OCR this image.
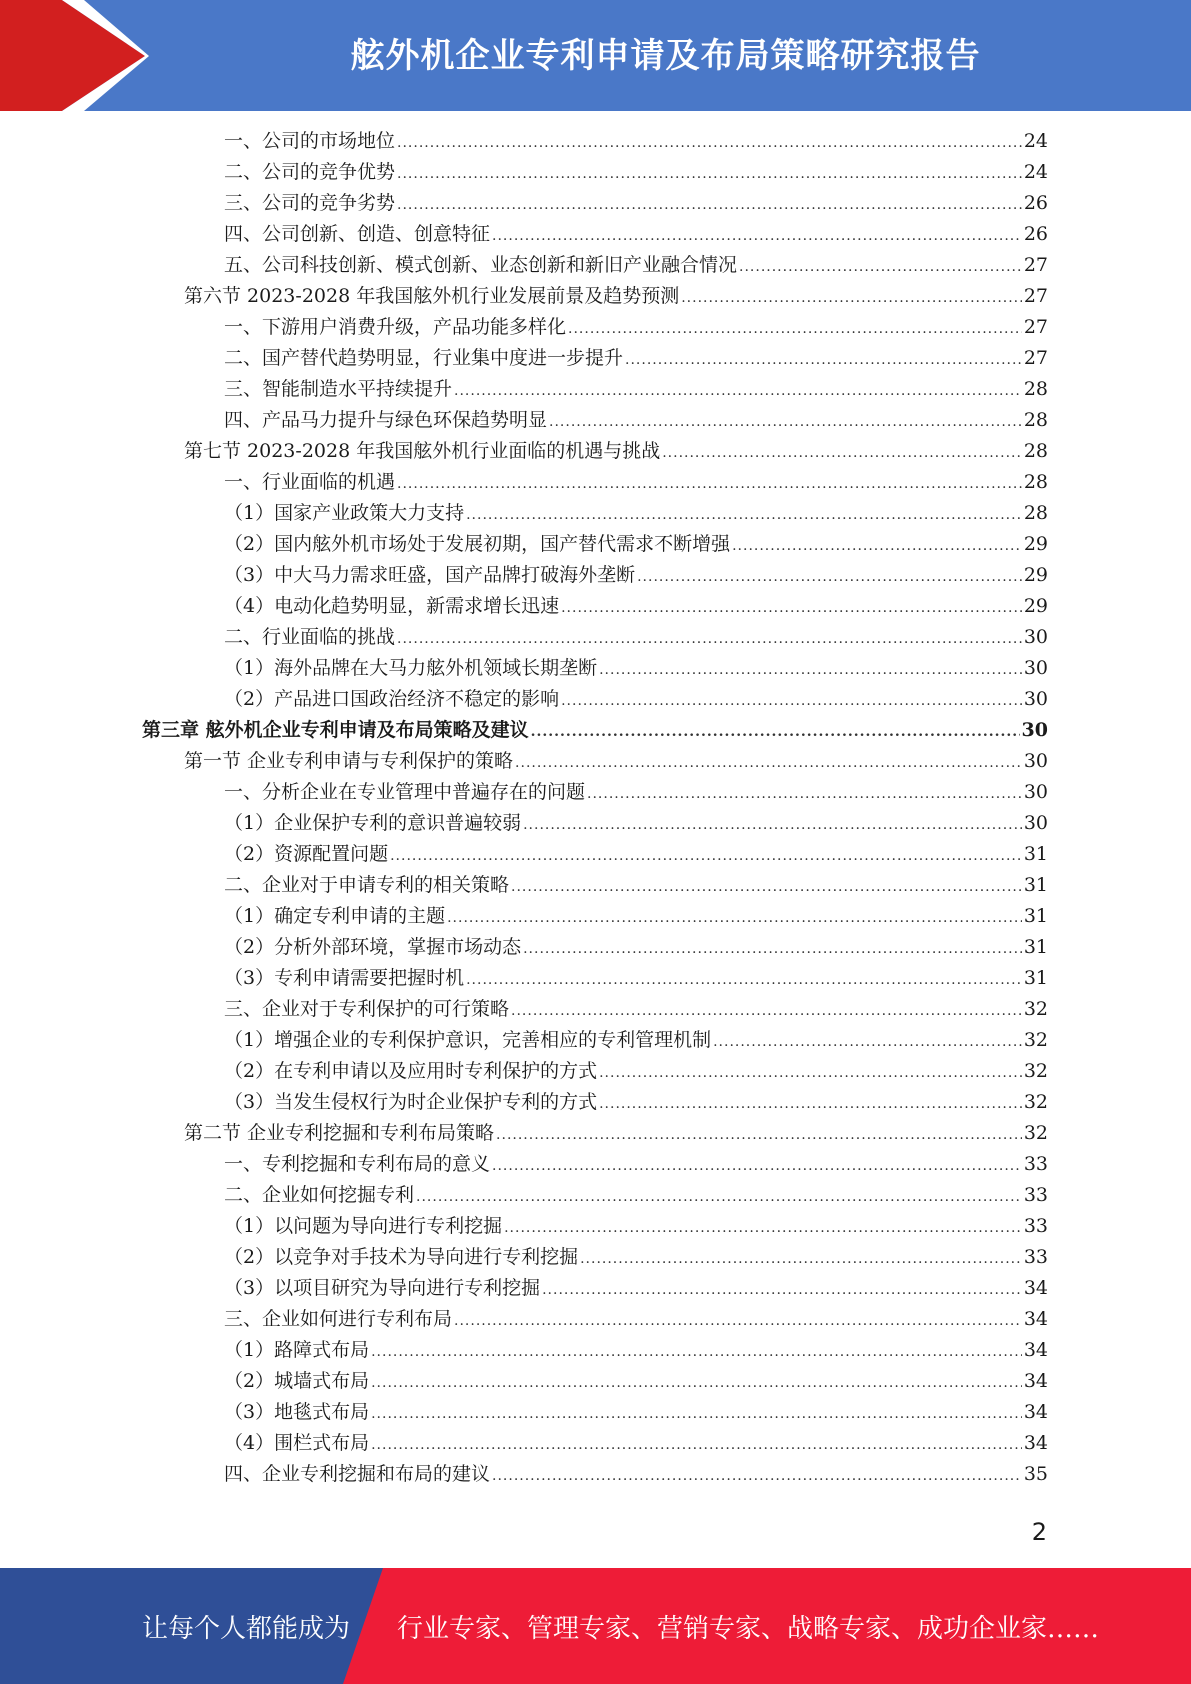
舷外机企业专利申请及布局策略研究报告
一、公司的市场地位 .....	24
二、公司的竞争优势 .....	24
三、公司的竞争劣势 .....	26
四、公司创新、创造、创意特征 .....	26
五、公司科技创新、模式创新、业态创新和新旧产业融合情况 .....	27
第六节 2023-2028 年我国舷外机行业发展前景及趋势预测 .....	27
一、下游用户消费升级，产品功能多样化 .....	27
二、国产替代趋势明显，行业集中度进一步提升 .....	27
三、智能制造水平持续提升 .....	28
四、产品马力提升与绿色环保趋势明显 .....	28
第七节 2023-2028 年我国舷外机行业面临的机遇与挑战 .....	28
一、行业面临的机遇 .....	28
（1）国家产业政策大力支持 .....	28
（2）国内舷外机市场处于发展初期，国产替代需求不断增强 .....	29
（3）中大马力需求旺盛，国产品牌打破海外垄断 .....	29
（4）电动化趋势明显，新需求增长迅速 .....	29
二、行业面临的挑战 .....	30
（1）海外品牌在大马力舷外机领域长期垄断 .....	30
（2）产品进口国政治经济不稳定的影响 .....	30
第三章 舷外机企业专利申请及布局策略及建议 .....	30
第一节 企业专利申请与专利保护的策略 .....	30
一、分析企业在专业管理中普遍存在的问题 .....	30
（1）企业保护专利的意识普遍较弱 .....	30
（2）资源配置问题 .....	31
二、企业对于申请专利的相关策略 .....	31
（1）确定专利申请的主题 .....	31
（2）分析外部环境，掌握市场动态 .....	31
（3）专利申请需要把握时机 .....	31
三、企业对于专利保护的可行策略 .....	32
（1）增强企业的专利保护意识，完善相应的专利管理机制 .....	32
（2）在专利申请以及应用时专利保护的方式 .....	32
（3）当发生侵权行为时企业保护专利的方式 .....	32
第二节 企业专利挖掘和专利布局策略 .....	32
一、专利挖掘和专利布局的意义 .....	33
二、企业如何挖掘专利 .....	33
（1）以问题为导向进行专利挖掘 .....	33
（2）以竞争对手技术为导向进行专利挖掘 .....	33
（3）以项目研究为导向进行专利挖掘 .....	34
三、企业如何进行专利布局 .....	34
（1）路障式布局 .....	34
（2）城墙式布局 .....	34
（3）地毯式布局 .....	34
（4）围栏式布局 .....	34
四、企业专利挖掘和布局的建议 .....	35
2
让每个人都能成为 行业专家、管理专家、营销专家、战略专家、成功企业家……
